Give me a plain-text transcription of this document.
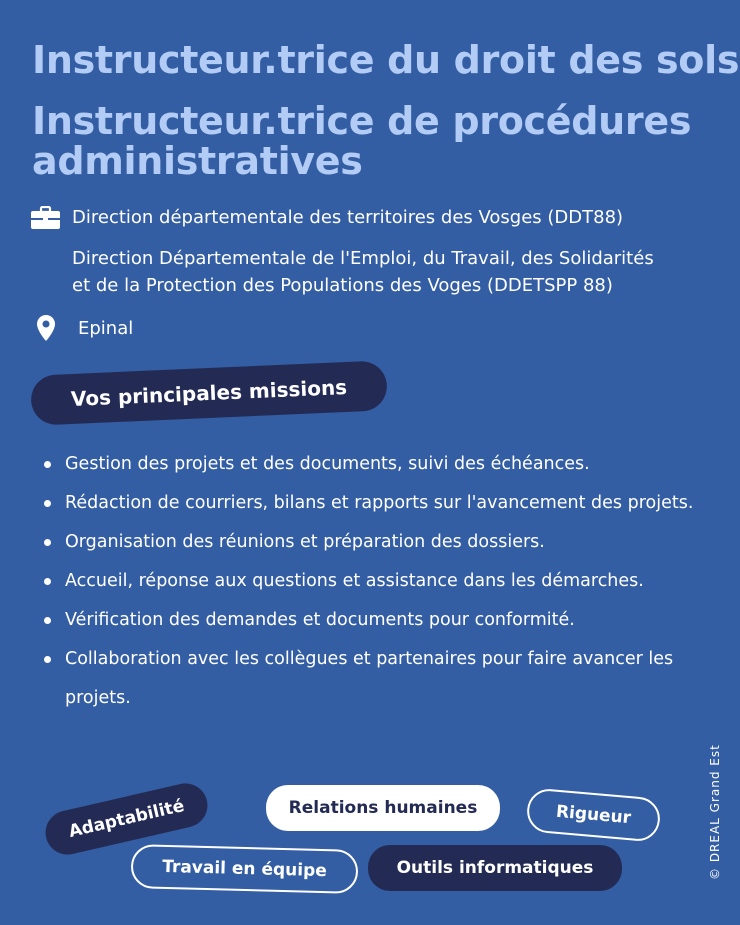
Instructeur.trice du droit des sols
Instructeur.trice de procédures administratives
Direction départementale des territoires des Vosges (DDT88)
Direction Départementale de l'Emploi, du Travail, des Solidarités
et de la Protection des Populations des Voges (DDETSPP 88)
Epinal
Vos principales missions
Gestion des projets et des documents, suivi des échéances.
Rédaction de courriers, bilans et rapports sur l'avancement des projets.
Organisation des réunions et préparation des dossiers.
Accueil, réponse aux questions et assistance dans les démarches.
Vérification des demandes et documents pour conformité.
Collaboration avec les collègues et partenaires pour faire avancer les projets.
Adaptabilité	Relations humaines	Rigueur
Travail en équipe	Outils informatiques	© DREAL Grand Est
